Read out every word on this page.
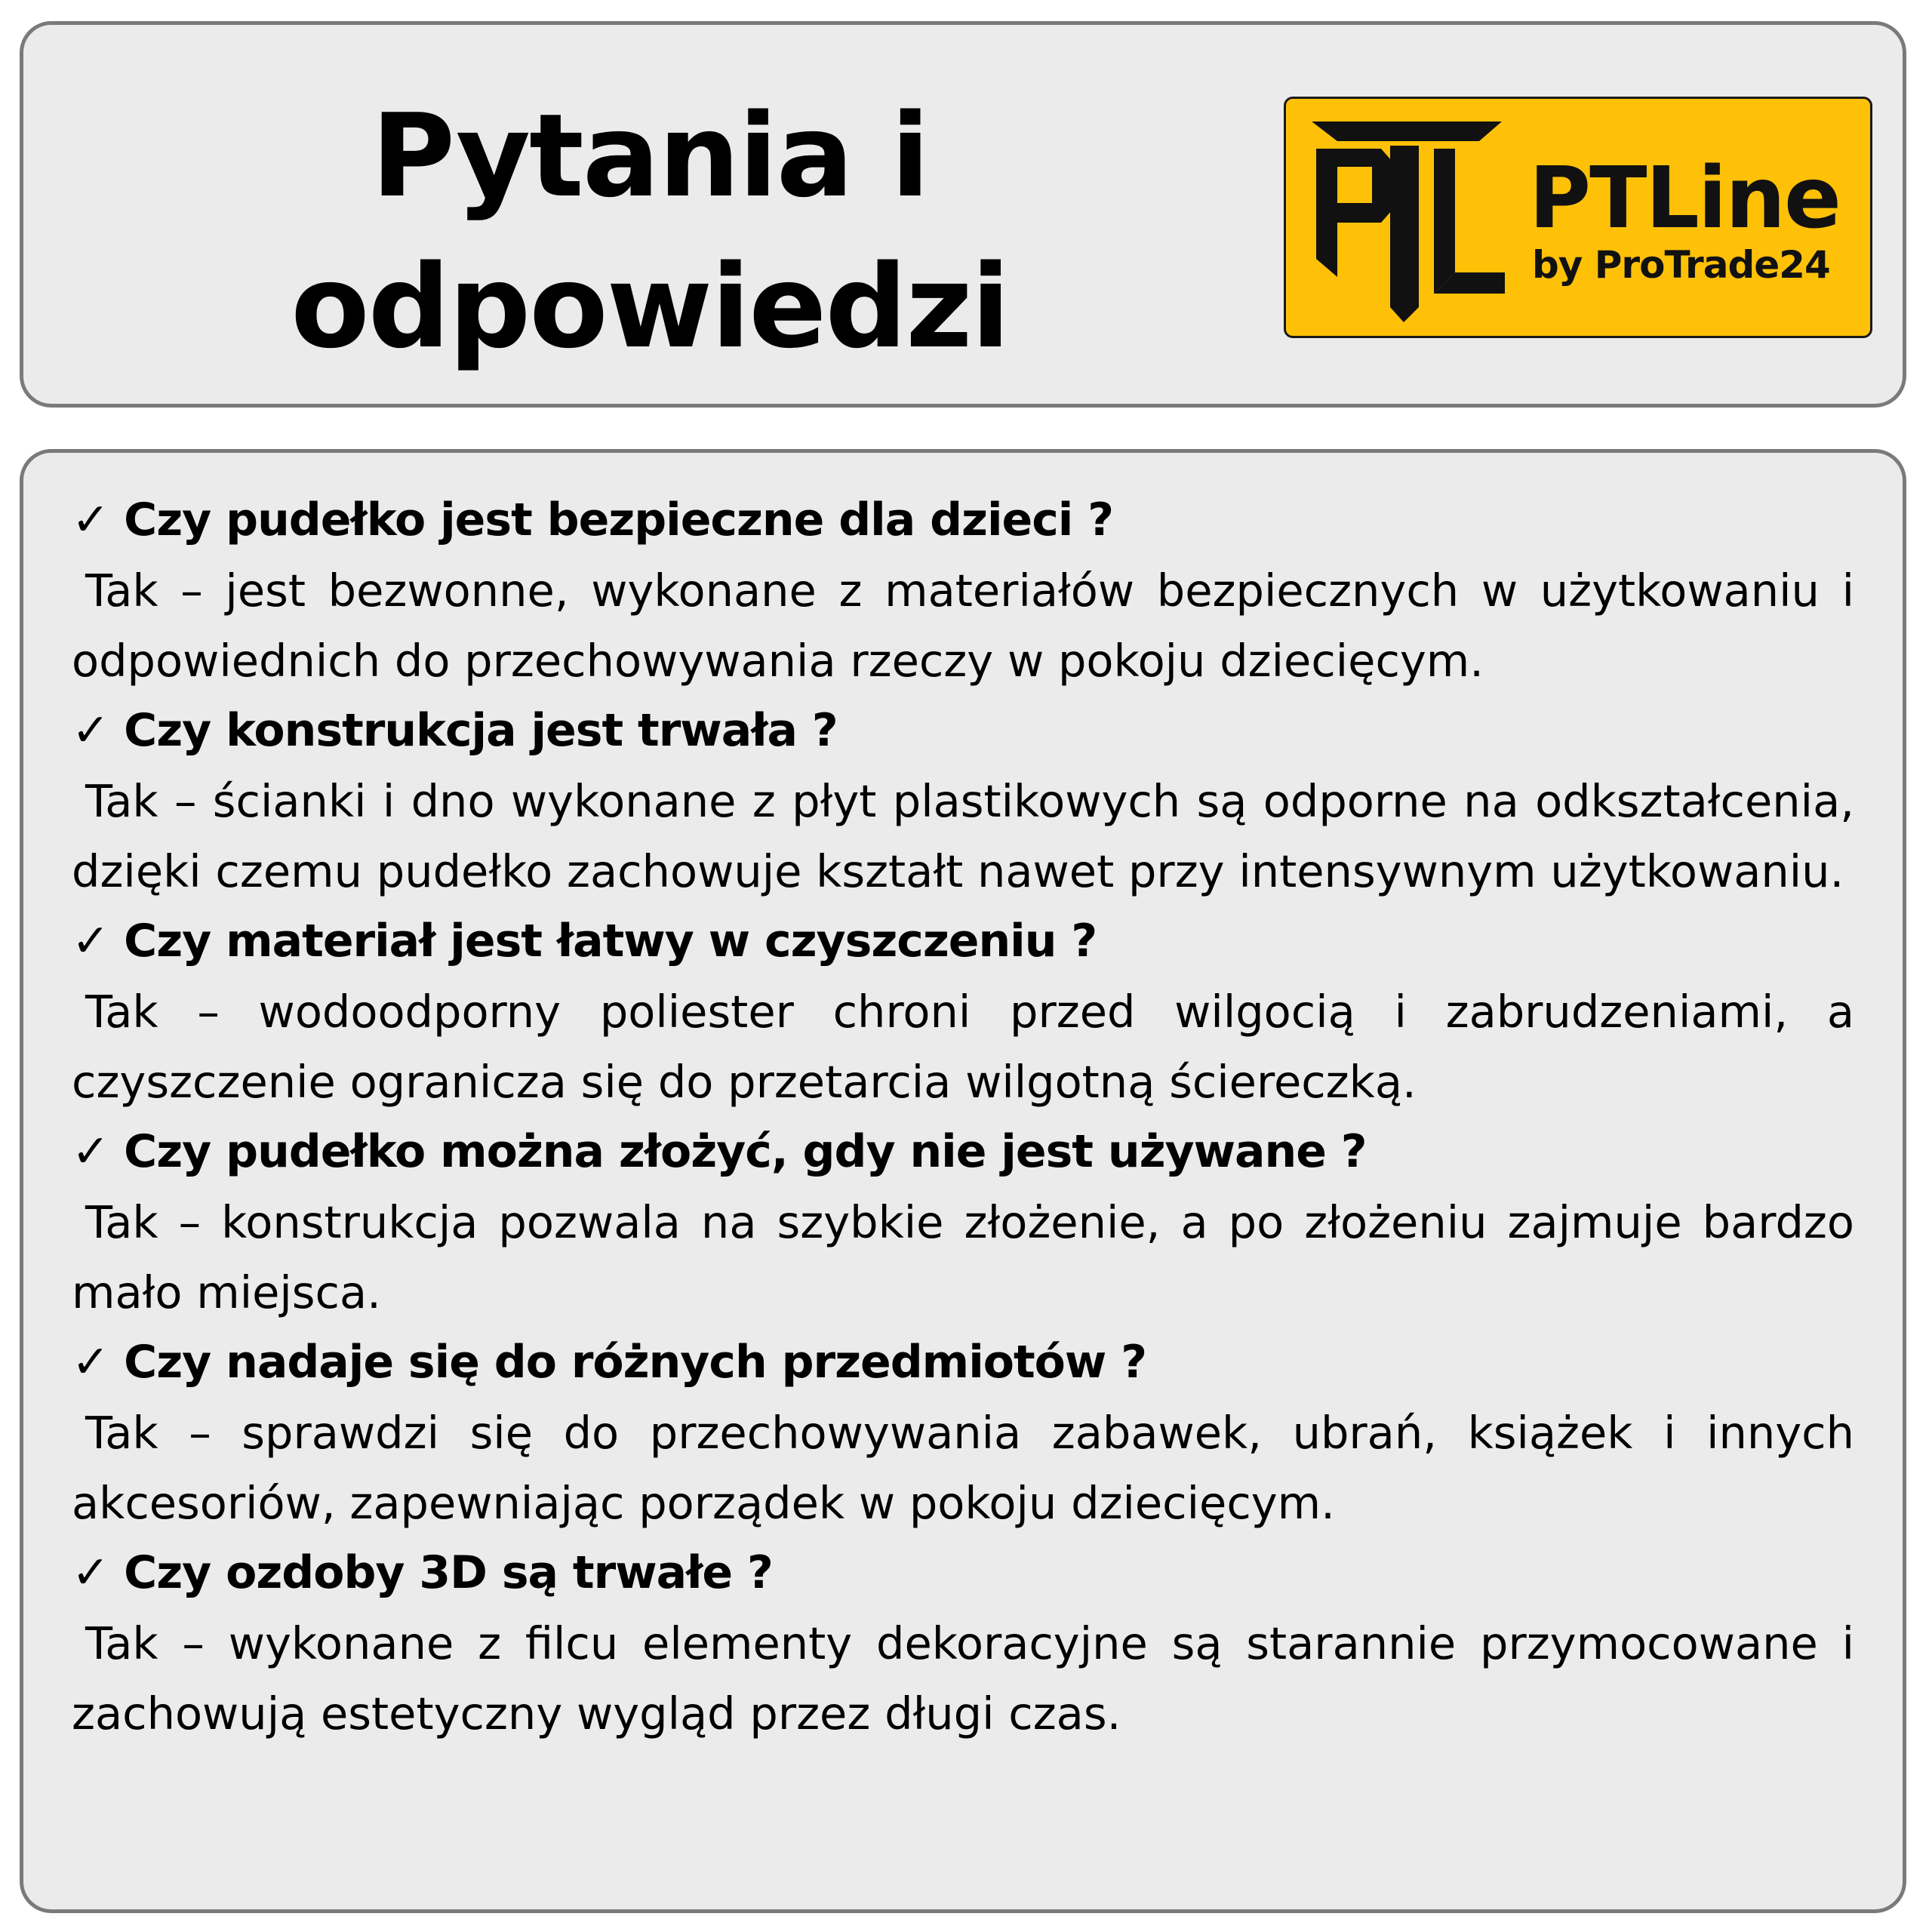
Pytania i
odpowiedzi
PTLine
by ProTrade24

✓ Czy pudełko jest bezpieczne dla dzieci ?

Tak – jest bezwonne, wykonane z materiałów bezpiecznych w użytkowaniu i odpowiednich do przechowywania rzeczy w pokoju dziecięcym.

✓ Czy konstrukcja jest trwała ?

Tak – ścianki i dno wykonane z płyt plastikowych są odporne na odkształcenia, dzięki czemu pudełko zachowuje kształt nawet przy intensywnym użytkowaniu.

✓ Czy materiał jest łatwy w czyszczeniu ?

Tak – wodoodporny poliester chroni przed wilgocią i zabrudzeniami, a czyszczenie ogranicza się do przetarcia wilgotną ściereczką.

✓ Czy pudełko można złożyć, gdy nie jest używane ?

Tak – konstrukcja pozwala na szybkie złożenie, a po złożeniu zajmuje bardzo mało miejsca.

✓ Czy nadaje się do różnych przedmiotów ?

Tak – sprawdzi się do przechowywania zabawek, ubrań, książek i innych akcesoriów, zapewniając porządek w pokoju dziecięcym.

✓ Czy ozdoby 3D są trwałe ?

Tak – wykonane z filcu elementy dekoracyjne są starannie przymocowane i zachowują estetyczny wygląd przez długi czas.
